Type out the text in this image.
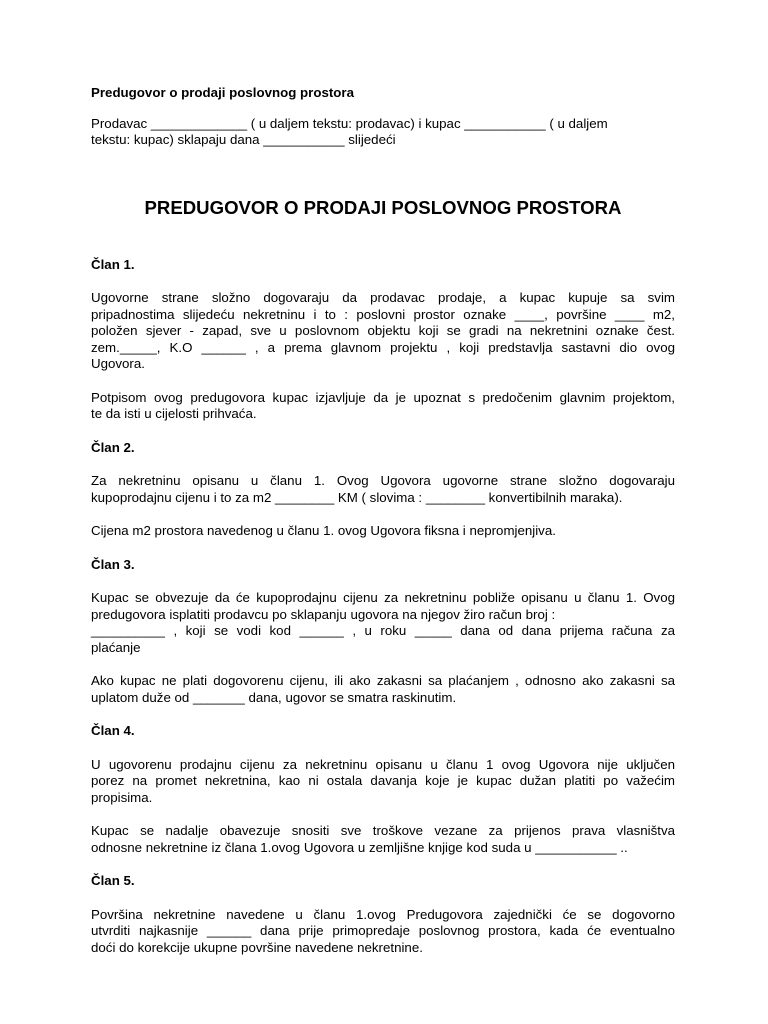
Predugovor o prodaji poslovnog prostora

Prodavac _____________ ( u daljem tekstu: prodavac) i kupac ___________ ( u daljem
tekstu: kupac) sklapaju dana ___________ slijedeći

PREDUGOVOR O PRODAJI POSLOVNOG PROSTORA

Član 1.

Ugovorne strane složno dogovaraju da prodavac prodaje, a kupac kupuje sa svim
pripadnostima slijedeću nekretninu i to : poslovni prostor oznake ____, površine ____ m2,
položen sjever - zapad, sve u poslovnom objektu koji se gradi na nekretnini oznake čest.
zem._____, K.O ______ , a prema glavnom projektu , koji predstavlja sastavni dio ovog
Ugovora.

Potpisom ovog predugovora kupac izjavljuje da je upoznat s predočenim glavnim projektom,
te da isti u cijelosti prihvaća.

Član 2.

Za nekretninu opisanu u članu 1. Ovog Ugovora ugovorne strane složno dogovaraju
kupoprodajnu cijenu i to za m2 ________ KM ( slovima : ________ konvertibilnih maraka).

Cijena m2 prostora navedenog u članu 1. ovog Ugovora fiksna i nepromjenjiva.

Član 3.

Kupac se obvezuje da će kupoprodajnu cijenu za nekretninu pobliže opisanu u članu 1. Ovog
predugovora isplatiti prodavcu po sklapanju ugovora na njegov žiro račun broj :
__________ , koji se vodi kod ______ , u roku _____ dana od dana prijema računa za
plaćanje

Ako kupac ne plati dogovorenu cijenu, ili ako zakasni sa plaćanjem , odnosno ako zakasni sa
uplatom duže od _______ dana, ugovor se smatra raskinutim.

Član 4.

U ugovorenu prodajnu cijenu za nekretninu opisanu u članu 1 ovog Ugovora nije uključen
porez na promet nekretnina, kao ni ostala davanja koje je kupac dužan platiti po važećim
propisima.

Kupac se nadalje obavezuje snositi sve troškove vezane za prijenos prava vlasništva
odnosne nekretnine iz člana 1.ovog Ugovora u zemljišne knjige kod suda u ___________ ..

Član 5.

Površina nekretnine navedene u članu 1.ovog Predugovora zajednički će se dogovorno
utvrditi najkasnije ______ dana prije primopredaje poslovnog prostora, kada će eventualno
doći do korekcije ukupne površine navedene nekretnine.
